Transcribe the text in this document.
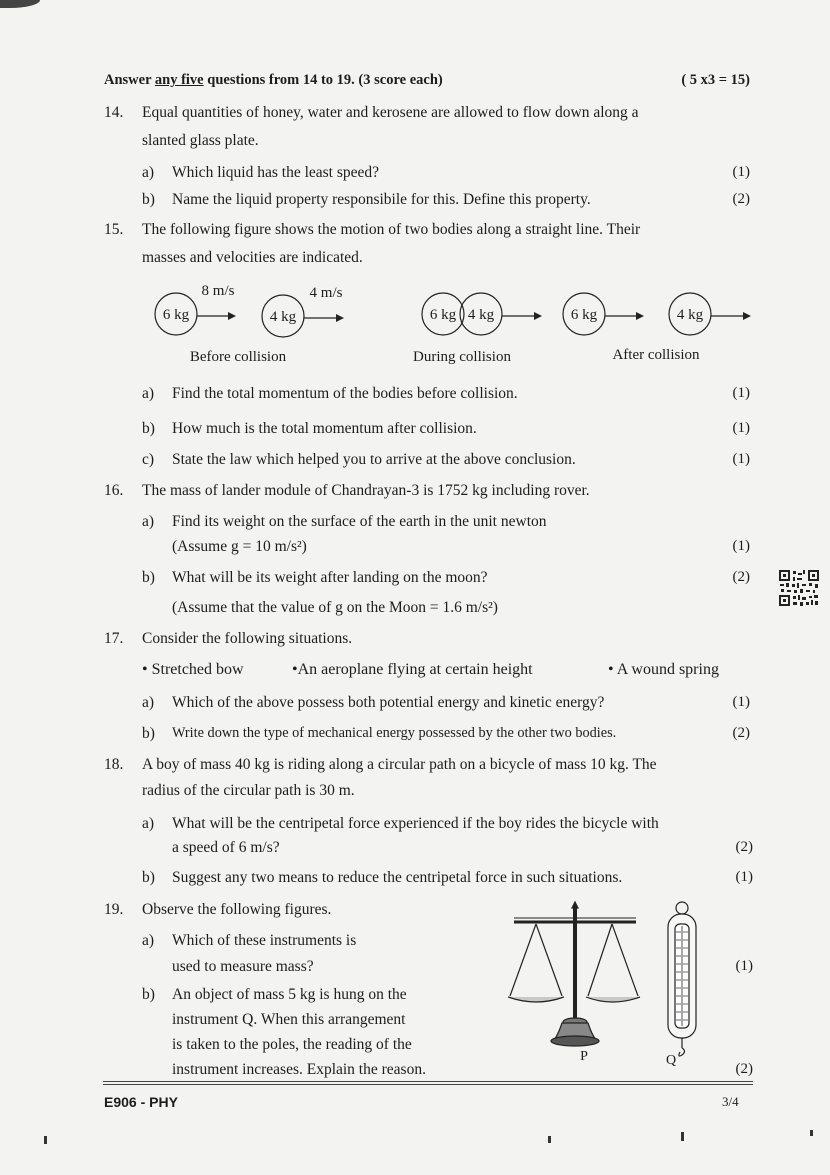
Answer any five questions from 14 to 19. (3 score each)	( 5 x3 = 15)
14. Equal quantities of honey, water and kerosene are allowed to flow down along a
slanted glass plate.
a) Which liquid has the least speed?	(1)
b) Name the liquid property responsibile for this. Define this property.	(2)
15. The following figure shows the motion of two bodies along a straight line. Their
masses and velocities are indicated.
8 m/s	4 m/s
6 kg	4 kg	6 kg 4 kg	6 kg	4 kg
Before collision	During collision	After collision
a) Find the total momentum of the bodies before collision.	(1)
b) How much is the total momentum after collision.	(1)
c) State the law which helped you to arrive at the above conclusion.	(1)
16. The mass of lander module of Chandrayan-3 is 1752 kg including rover.
a) Find its weight on the surface of the earth in the unit newton
(Assume g = 10 m/s²)	(1)
b) What will be its weight after landing on the moon?	(2)
(Assume that the value of g on the Moon = 1.6 m/s²)
17. Consider the following situations.
• Stretched bow	•An aeroplane flying at certain height	• A wound spring
a) Which of the above possess both potential energy and kinetic energy?	(1)
b) Write down the type of mechanical energy possessed by the other two bodies.	(2)
18. A boy of mass 40 kg is riding along a circular path on a bicycle of mass 10 kg. The
radius of the circular path is 30 m.
a) What will be the centripetal force experienced if the boy rides the bicycle with
a speed of 6 m/s?	(2)
b) Suggest any two means to reduce the centripetal force in such situations.	(1)
19. Observe the following figures.
a) Which of these instruments is
used to measure mass?	(1)
b) An object of mass 5 kg is hung on the
instrument Q. When this arrangement
is taken to the poles, the reading of the
instrument increases. Explain the reason.	(2)
P	Q
E906 - PHY	3/4
